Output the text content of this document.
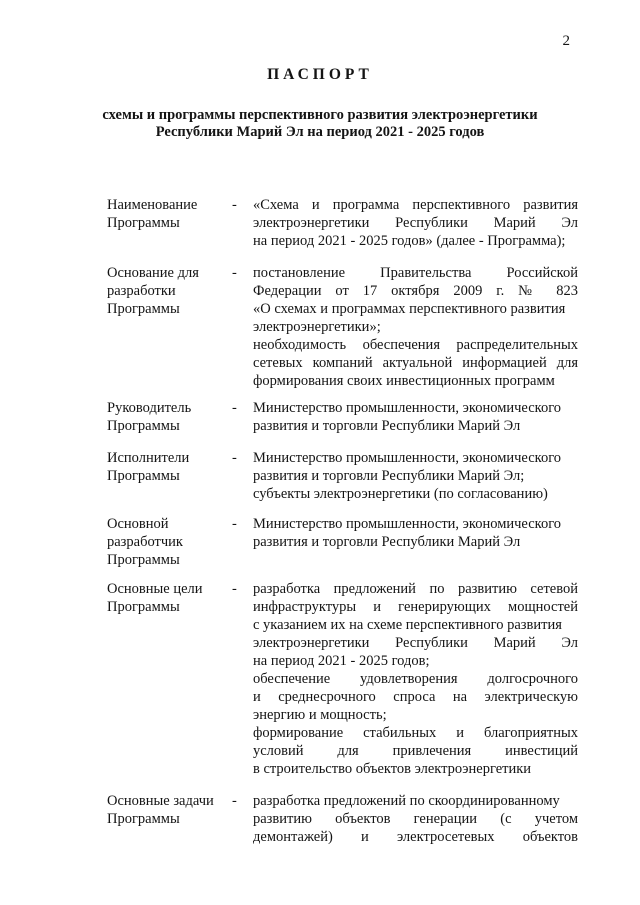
2
ПАСПОРТ
схемы и программы перспективного развития электроэнергетики
Республики Марий Эл на период 2021 - 2025 годов
Наименование
Программы
-	«Схема и программа перспективного развития
электроэнергетики Республики Марий Эл
на период 2021 - 2025 годов» (далее - Программа);
Основание для
разработки
Программы
-	постановление Правительства Российской
Федерации от 17 октября 2009 г. № 823
«О схемах и программах перспективного развития
электроэнергетики»;
необходимость обеспечения распределительных
сетевых компаний актуальной информацией для
формирования своих инвестиционных программ
Руководитель
Программы
-	Министерство промышленности, экономического
развития и торговли Республики Марий Эл
Исполнители
Программы
-	Министерство промышленности, экономического
развития и торговли Республики Марий Эл;
субъекты электроэнергетики (по согласованию)
Основной
разработчик
Программы
-	Министерство промышленности, экономического
развития и торговли Республики Марий Эл
Основные цели
Программы
-	разработка предложений по развитию сетевой
инфраструктуры и генерирующих мощностей
с указанием их на схеме перспективного развития
электроэнергетики Республики Марий Эл
на период 2021 - 2025 годов;
обеспечение удовлетворения долгосрочного
и среднесрочного спроса на электрическую
энергию и мощность;
формирование стабильных и благоприятных
условий для привлечения инвестиций
в строительство объектов электроэнергетики
Основные задачи
Программы
-	разработка предложений по скоординированному
развитию объектов генерации (с учетом
демонтажей) и электросетевых объектов
